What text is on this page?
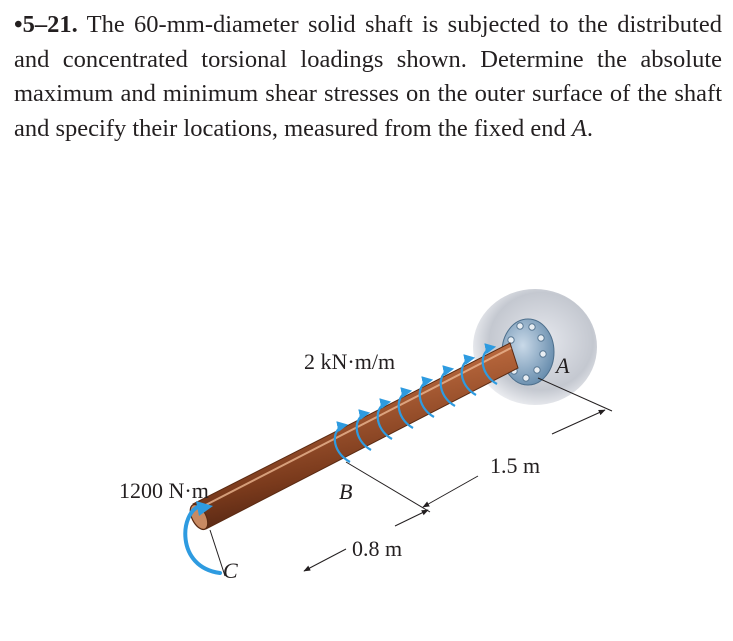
•5–21. The 60-mm-diameter solid shaft is subjected to the distributed and concentrated torsional loadings shown. Determine the absolute maximum and minimum shear stresses on the outer surface of the shaft and specify their locations, measured from the fixed end A.
2 kN·m/m
1200 N·m
A
B
C
1.5 m
0.8 m
